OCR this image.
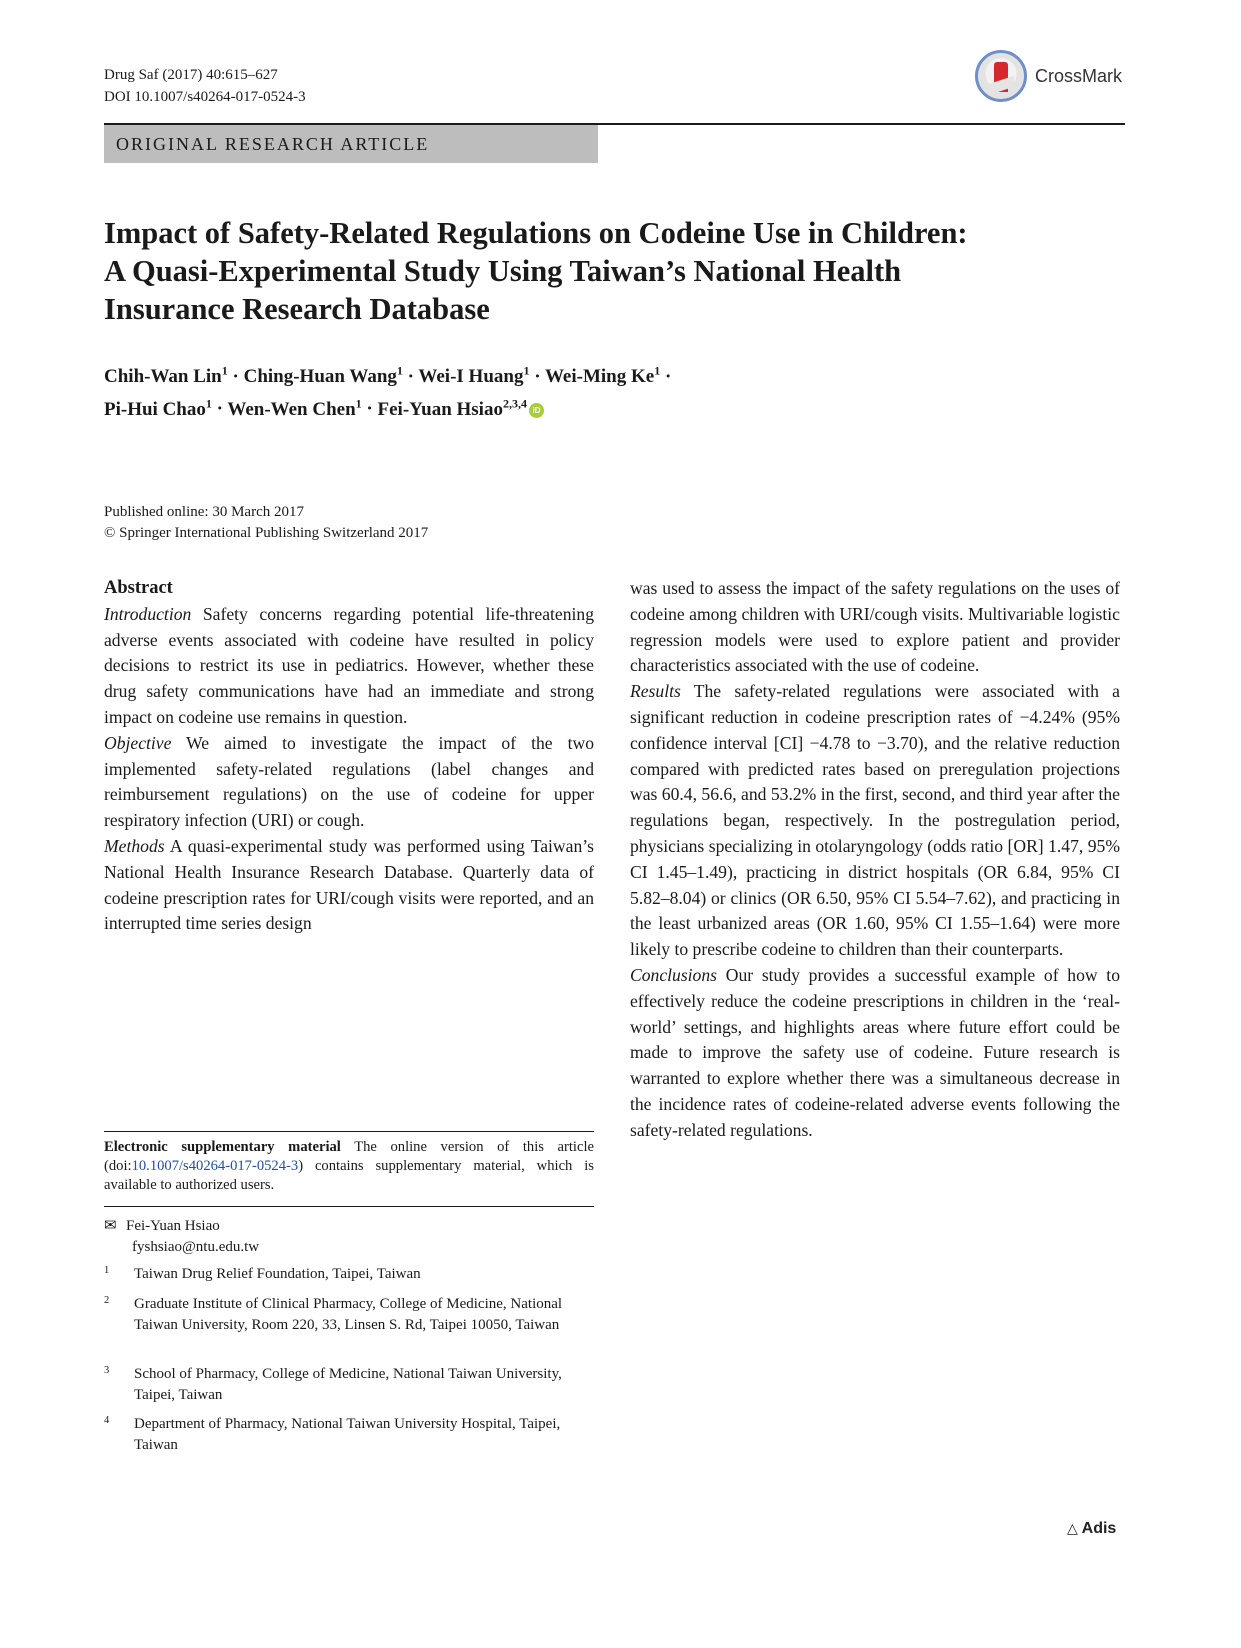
Drug Saf (2017) 40:615–627
DOI 10.1007/s40264-017-0524-3
CrossMark
ORIGINAL RESEARCH ARTICLE
Impact of Safety-Related Regulations on Codeine Use in Children:
A Quasi-Experimental Study Using Taiwan’s National Health
Insurance Research Database
Chih-Wan Lin$^1$ · Ching-Huan Wang$^1$ · Wei-I Huang$^1$ · Wei-Ming $Ke^1$ ·
Pi-Hui Chao$^1$ · Wen-Wen Chen$^1$ · Fei-Yuan Hsiao$^{2,3,4}$ iD
Published online: 30 March 2017
© Springer International Publishing Switzerland 2017

Abstract

Introduction Safety concerns regarding potential life-threatening adverse events associated with codeine have resulted in policy decisions to restrict its use in pediatrics. However, whether these drug safety communications have had an immediate and strong impact on codeine use remains in question.

Objective We aimed to investigate the impact of the two implemented safety-related regulations (label changes and reimbursement regulations) on the use of codeine for upper respiratory infection (URI) or cough.

Methods A quasi-experimental study was performed using Taiwan’s National Health Insurance Research Database. Quarterly data of codeine prescription rates for URI/cough visits were reported, and an interrupted time series design

was used to assess the impact of the safety regulations on the uses of codeine among children with URI/cough visits. Multivariable logistic regression models were used to explore patient and provider characteristics associated with the use of codeine.

Results The safety-related regulations were associated with a significant reduction in codeine prescription rates of −4.24% (95% confidence interval [CI] −4.78 to −3.70), and the relative reduction compared with predicted rates based on preregulation projections was 60.4, 56.6, and 53.2% in the first, second, and third year after the regulations began, respectively. In the postregulation period, physicians specializing in otolaryngology (odds ratio [OR] 1.47, 95% CI 1.45–1.49), practicing in district hospitals (OR 6.84, 95% CI 5.82–8.04) or clinics (OR 6.50, 95% CI 5.54–7.62), and practicing in the least urbanized areas (OR 1.60, 95% CI 1.55–1.64) were more likely to prescribe codeine to children than their counterparts.

Conclusions Our study provides a successful example of how to effectively reduce the codeine prescriptions in children in the ‘real-world’ settings, and highlights areas where future effort could be made to improve the safety use of codeine. Future research is warranted to explore whether there was a simultaneous decrease in the incidence rates of codeine-related adverse events following the safety-related regulations.

Electronic supplementary material The online version of this article (doi:10.1007/s40264-017-0524-3) contains supplementary material, which is available to authorized users.
✉ Fei-Yuan Hsiao
fyshsiao@ntu.edu.tw
1	Taiwan Drug Relief Foundation, Taipei, Taiwan
2	Graduate Institute of Clinical Pharmacy, College of Medicine, National Taiwan University, Room 220, 33, Linsen S. Rd, Taipei 10050, Taiwan
3	School of Pharmacy, College of Medicine, National Taiwan University, Taipei, Taiwan
4	Department of Pharmacy, National Taiwan University Hospital, Taipei, Taiwan
△ Adis
